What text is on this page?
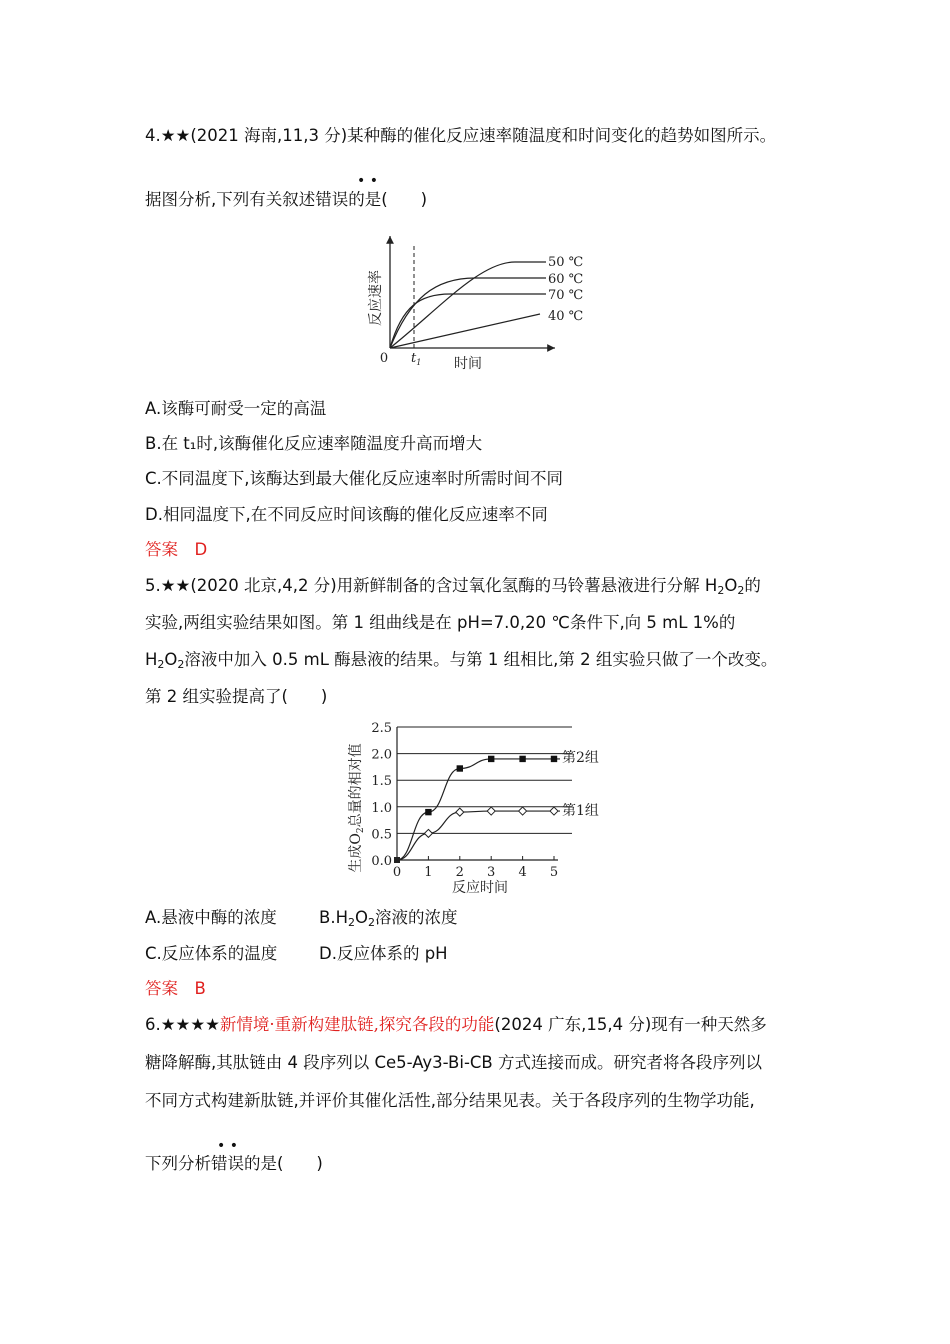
4.★★(2021 海南,11,3 分)某种酶的催化反应速率随温度和时间变化的趋势如图所示。
• •
据图分析,下列有关叙述错误的是(　　)
50 ℃
60 ℃
70 ℃
40 ℃
0 $t_1$ 时间
反应速率
A.该酶可耐受一定的高温
B.在 t₁时,该酶催化反应速率随温度升高而增大
C.不同温度下,该酶达到最大催化反应速率时所需时间不同
D.相同温度下,在不同反应时间该酶的催化反应速率不同
答案　D
5.★★(2020 北京,4,2 分)用新鲜制备的含过氧化氢酶的马铃薯悬液进行分解 $H_2O_2$的
实验,两组实验结果如图。第 1 组曲线是在 pH=7.0,20 ℃条件下,向 5 mL 1%的
$H_2O_2$溶液中加入 0.5 mL 酶悬液的结果。与第 1 组相比,第 2 组实验只做了一个改变。
第 2 组实验提高了(　　)
0.0
0.5
1.0
1.5
2.0
2.5
0 1 2 3 4 5
反应时间
生成$O_2$总量的相对值	第2组
第1组
A.悬液中酶的浓度	$B.H_2O_2$溶液的浓度
C.反应体系的温度	D.反应体系的 pH
答案　B
6.★★★★新情境·重新构建肽链,探究各段的功能(2024 广东,15,4 分)现有一种天然多
糖降解酶,其肽链由 4 段序列以 Ce5-Ay3-Bi-CB 方式连接而成。研究者将各段序列以
不同方式构建新肽链,并评价其催化活性,部分结果见表。关于各段序列的生物学功能,
• •
下列分析错误的是(　　)
